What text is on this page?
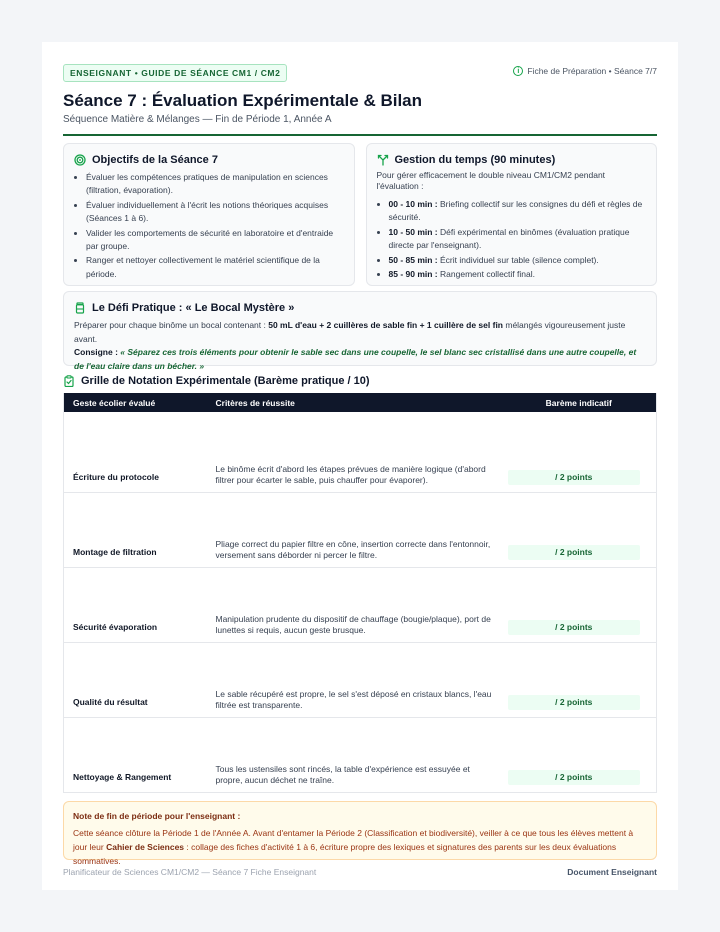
ENSEIGNANT • GUIDE DE SÉANCE CM1 / CM2	i Fiche de Préparation • Séance 7/7
Séance 7 : Évaluation Expérimentale & Bilan
Séquence Matière & Mélanges — Fin de Période 1, Année A
Objectifs de la Séance 7
• Évaluer les compétences pratiques de manipulation en sciences (filtration, évaporation).
• Évaluer individuellement à l'écrit les notions théoriques acquises (Séances 1 à 6).
• Valider les comportements de sécurité en laboratoire et d'entraide par groupe.
• Ranger et nettoyer collectivement le matériel scientifique de la période.
Gestion du temps (90 minutes)

Pour gérer efficacement le double niveau CM1/CM2 pendant l'évaluation :

• 00 - 10 min : Briefing collectif sur les consignes du défi et règles de sécurité.
• 10 - 50 min : Défi expérimental en binômes (évaluation pratique directe par l'enseignant).
• 50 - 85 min : Écrit individuel sur table (silence complet).
• 85 - 90 min : Rangement collectif final.
Le Défi Pratique : « Le Bocal Mystère »
Préparer pour chaque binôme un bocal contenant : 50 mL d'eau + 2 cuillères de sable fin + 1 cuillère de sel fin mélangés vigoureusement juste avant.
Consigne : « Séparez ces trois éléments pour obtenir le sable sec dans une coupelle, le sel blanc sec cristallisé dans une autre coupelle, et de l'eau claire dans un bécher. »
Grille de Notation Expérimentale (Barème pratique / 10)
Geste écolier évalué	Critères de réussite	Barème indicatif
Écriture du protocole	Le binôme écrit d'abord les étapes prévues de manière logique (d'abord filtrer pour écarter le sable, puis chauffer pour évaporer).	/ 2 points

Montage de filtration	Pliage correct du papier filtre en cône, insertion correcte dans l'entonnoir, versement sans déborder ni percer le filtre.	/ 2 points

Sécurité évaporation	Manipulation prudente du dispositif de chauffage (bougie/plaque), port de lunettes si requis, aucun geste brusque.	/ 2 points

Qualité du résultat	Le sable récupéré est propre, le sel s'est déposé en cristaux blancs, l'eau filtrée est transparente.	/ 2 points

Nettoyage & Rangement	Tous les ustensiles sont rincés, la table d'expérience est essuyée et propre, aucun déchet ne traîne.	/ 2 points
Note de fin de période pour l'enseignant :
Cette séance clôture la Période 1 de l'Année A. Avant d'entamer la Période 2 (Classification et biodiversité), veiller à ce que tous les élèves mettent à jour leur Cahier de Sciences : collage des fiches d'activité 1 à 6, écriture propre des lexiques et signatures des parents sur les deux évaluations sommatives.
Planificateur de Sciences CM1/CM2 — Séance 7 Fiche Enseignant	Document Enseignant
